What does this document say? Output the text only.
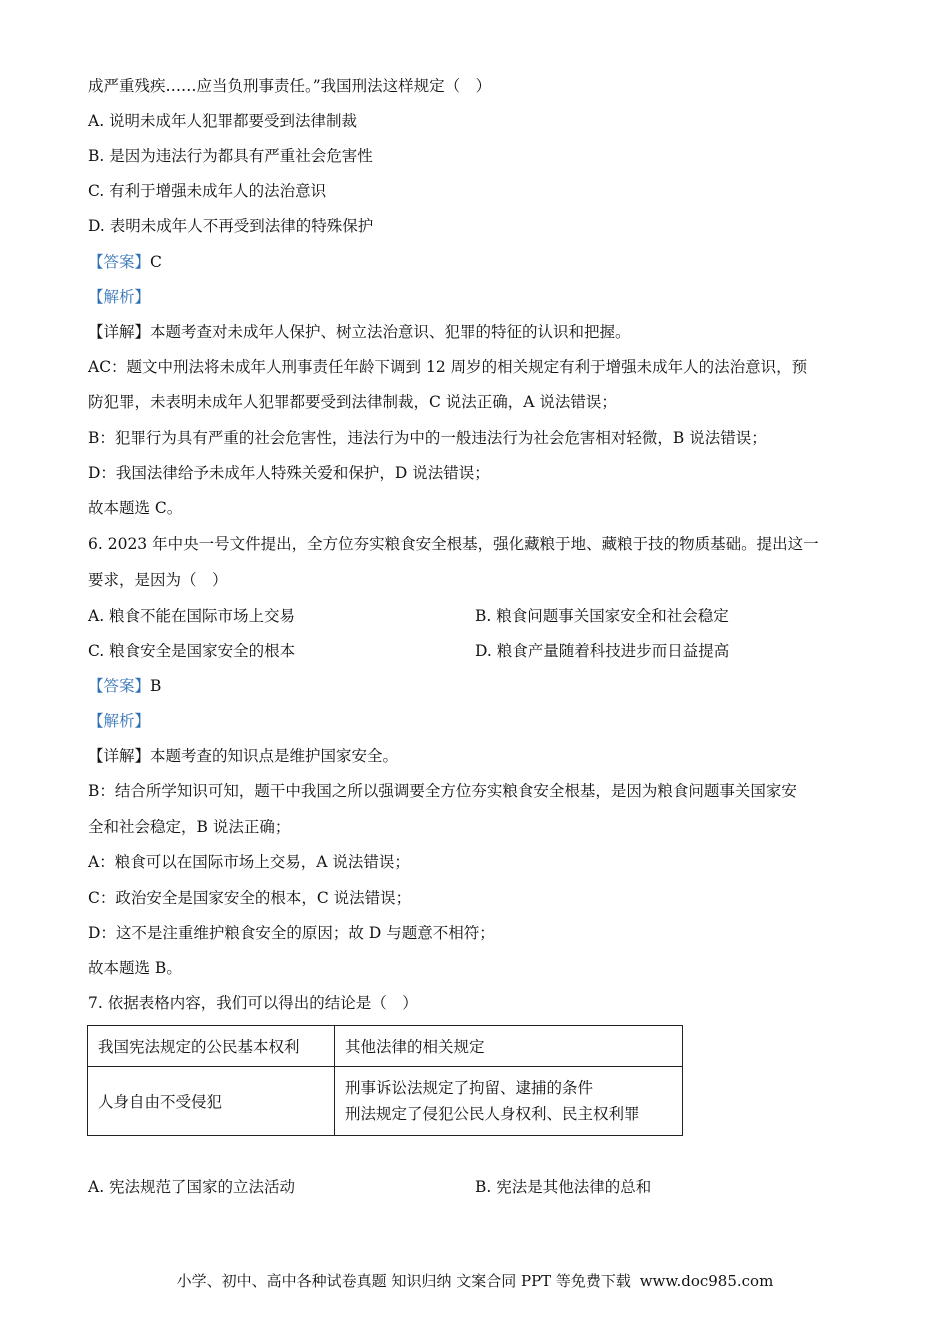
成严重残疾……应当负刑事责任。”我国刑法这样规定（　）
A. 说明未成年人犯罪都要受到法律制裁
B. 是因为违法行为都具有严重社会危害性
C. 有利于增强未成年人的法治意识
D. 表明未成年人不再受到法律的特殊保护
【答案】C
【解析】
【详解】本题考查对未成年人保护、树立法治意识、犯罪的特征的认识和把握。
AC：题文中刑法将未成年人刑事责任年龄下调到 12 周岁的相关规定有利于增强未成年人的法治意识，预
防犯罪，未表明未成年人犯罪都要受到法律制裁，C 说法正确，A 说法错误；
B：犯罪行为具有严重的社会危害性，违法行为中的一般违法行为社会危害相对轻微，B 说法错误；
D：我国法律给予未成年人特殊关爱和保护，D 说法错误；
故本题选 C。
6. 2023 年中央一号文件提出，全方位夯实粮食安全根基，强化藏粮于地、藏粮于技的物质基础。提出这一
要求，是因为（　）
A. 粮食不能在国际市场上交易	B. 粮食问题事关国家安全和社会稳定
C. 粮食安全是国家安全的根本	D. 粮食产量随着科技进步而日益提高
【答案】B
【解析】
【详解】本题考查的知识点是维护国家安全。
B：结合所学知识可知，题干中我国之所以强调要全方位夯实粮食安全根基，是因为粮食问题事关国家安
全和社会稳定，B 说法正确；
A：粮食可以在国际市场上交易，A 说法错误；
C：政治安全是国家安全的根本，C 说法错误；
D：这不是注重维护粮食安全的原因；故 D 与题意不相符；
故本题选 B。
7. 依据表格内容，我们可以得出的结论是（　）
我国宪法规定的公民基本权利	其他法律的相关规定
人身自由不受侵犯	刑事诉讼法规定了拘留、逮捕的条件
刑法规定了侵犯公民人身权利、民主权利罪
A. 宪法规范了国家的立法活动	B. 宪法是其他法律的总和
小学、初中、高中各种试卷真题 知识归纳 文案合同 PPT 等免费下载 www.doc985.com
